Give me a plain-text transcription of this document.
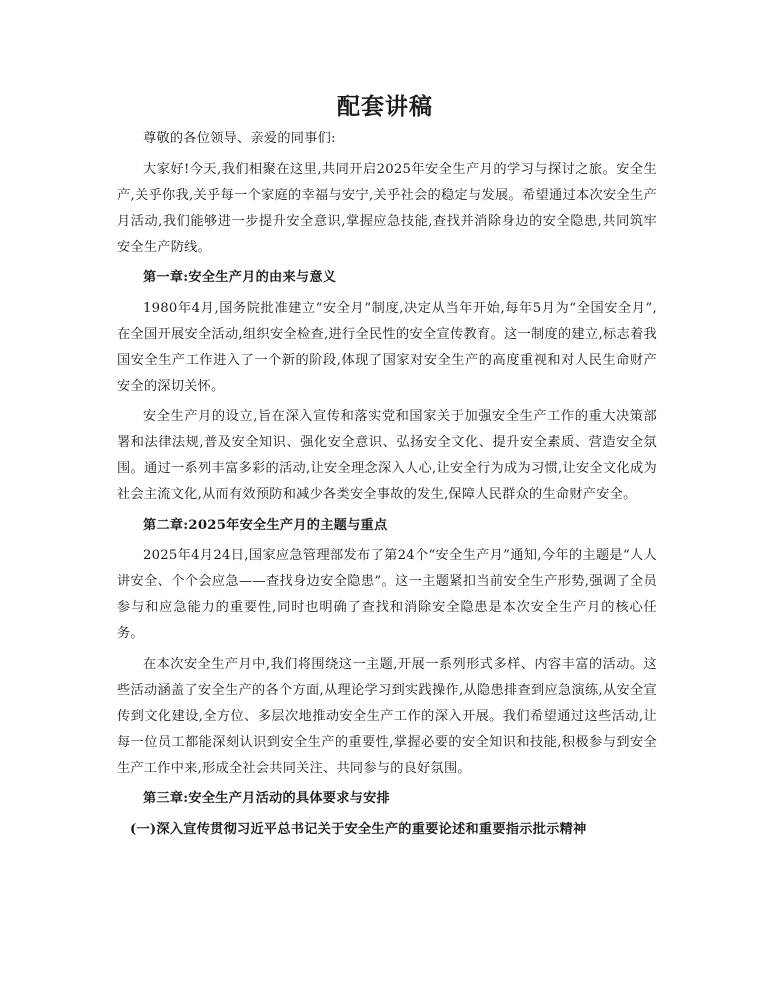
配套讲稿

尊敬的各位领导、亲爱的同事们:

大家好!今天,我们相聚在这里,共同开启2025年安全生产月的学习与探讨之旅。安全生产,关乎你我,关乎每一个家庭的幸福与安宁,关乎社会的稳定与发展。希望通过本次安全生产月活动,我们能够进一步提升安全意识,掌握应急技能,查找并消除身边的安全隐患,共同筑牢安全生产防线。

第一章:安全生产月的由来与意义

1980年4月,国务院批准建立“安全月”制度,决定从当年开始,每年5月为“全国安全月”,在全国开展安全活动,组织安全检查,进行全民性的安全宣传教育。这一制度的建立,标志着我国安全生产工作进入了一个新的阶段,体现了国家对安全生产的高度重视和对人民生命财产安全的深切关怀。

安全生产月的设立,旨在深入宣传和落实党和国家关于加强安全生产工作的重大决策部署和法律法规,普及安全知识、强化安全意识、弘扬安全文化、提升安全素质、营造安全氛围。通过一系列丰富多彩的活动,让安全理念深入人心,让安全行为成为习惯,让安全文化成为社会主流文化,从而有效预防和减少各类安全事故的发生,保障人民群众的生命财产安全。

第二章:2025年安全生产月的主题与重点

2025年4月24日,国家应急管理部发布了第24个“安全生产月”通知,今年的主题是“人人讲安全、个个会应急——查找身边安全隐患”。这一主题紧扣当前安全生产形势,强调了全员参与和应急能力的重要性,同时也明确了查找和消除安全隐患是本次安全生产月的核心任务。

在本次安全生产月中,我们将围绕这一主题,开展一系列形式多样、内容丰富的活动。这些活动涵盖了安全生产的各个方面,从理论学习到实践操作,从隐患排查到应急演练,从安全宣传到文化建设,全方位、多层次地推动安全生产工作的深入开展。我们希望通过这些活动,让每一位员工都能深刻认识到安全生产的重要性,掌握必要的安全知识和技能,积极参与到安全生产工作中来,形成全社会共同关注、共同参与的良好氛围。

第三章:安全生产月活动的具体要求与安排

(一)深入宣传贯彻习近平总书记关于安全生产的重要论述和重要指示批示精神
